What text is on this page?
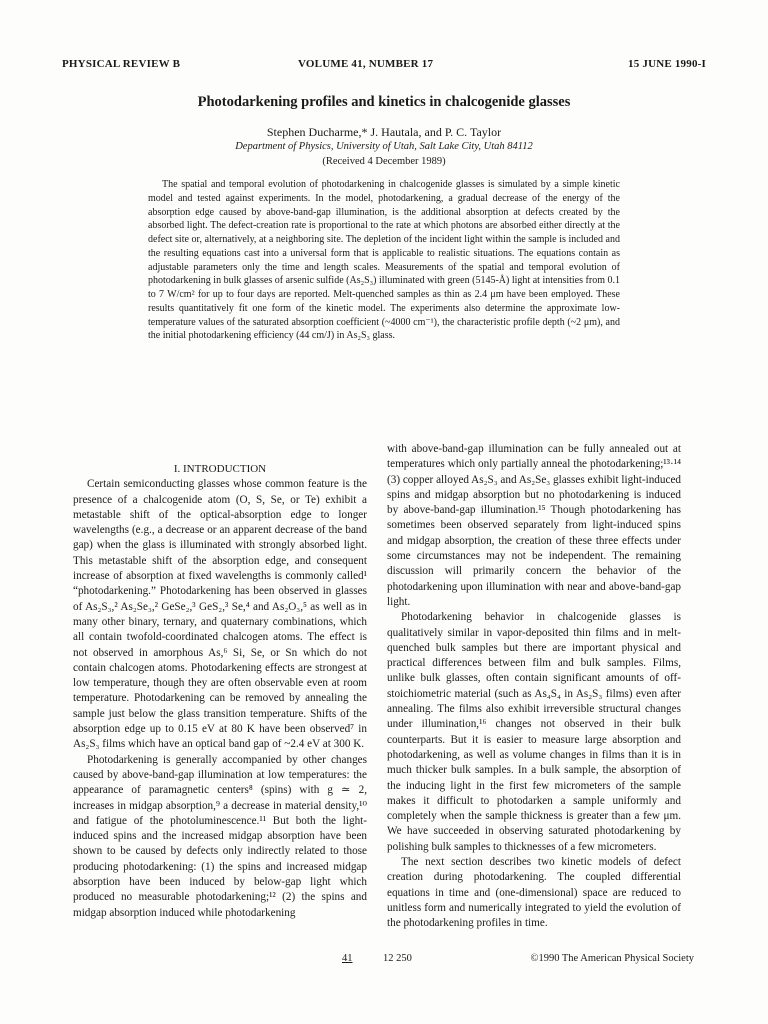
PHYSICAL REVIEW B	VOLUME 41, NUMBER 17	15 JUNE 1990-I
Photodarkening profiles and kinetics in chalcogenide glasses
Stephen Ducharme,* J. Hautala, and P. C. Taylor
Department of Physics, University of Utah, Salt Lake City, Utah 84112
(Received 4 December 1989)

The spatial and temporal evolution of photodarkening in chalcogenide glasses is simulated by a simple kinetic model and tested against experiments. In the model, photodarkening, a gradual decrease of the energy of the absorption edge caused by above-band-gap illumination, is the additional absorption at defects created by the absorbed light. The defect-creation rate is proportional to the rate at which photons are absorbed either directly at the defect site or, alternatively, at a neighboring site. The depletion of the incident light within the sample is included and the resulting equations cast into a universal form that is applicable to realistic situations. The equations contain as adjustable parameters only the time and length scales. Measurements of the spatial and temporal evolution of photodarkening in bulk glasses of arsenic sulfide (As₂S₃) illuminated with green (5145-Å) light at intensities from 0.1 to 7 W/cm² for up to four days are reported. Melt-quenched samples as thin as 2.4 μm have been employed. These results quantitatively fit one form of the kinetic model. The experiments also determine the approximate low-temperature values of the saturated absorption coefficient (~4000 cm⁻¹), the characteristic profile depth (~2 μm), and the initial photodarkening efficiency (44 cm/J) in As₂S₃ glass.

I. INTRODUCTION

Certain semiconducting glasses whose common feature is the presence of a chalcogenide atom (O, S, Se, or Te) exhibit a metastable shift of the optical-absorption edge to longer wavelengths (e.g., a decrease or an apparent decrease of the band gap) when the glass is illuminated with strongly absorbed light. This metastable shift of the absorption edge, and consequent increase of absorption at fixed wavelengths is commonly called¹ “photodarkening.” Photodarkening has been observed in glasses of As₂S₃,² As₂Se₃,² GeSe₂,³ GeS₂,³ Se,⁴ and As₂O₃,⁵ as well as in many other binary, ternary, and quaternary combinations, which all contain twofold-coordinated chalcogen atoms. The effect is not observed in amorphous As,⁶ Si, Se, or Sn which do not contain chalcogen atoms. Photodarkening effects are strongest at low temperature, though they are often observable even at room temperature. Photodarkening can be removed by annealing the sample just below the glass transition temperature. Shifts of the absorption edge up to 0.15 eV at 80 K have been observed⁷ in As₂S₃ films which have an optical band gap of ~2.4 eV at 300 K.

Photodarkening is generally accompanied by other changes caused by above-band-gap illumination at low temperatures: the appearance of paramagnetic centers⁸ (spins) with g ≃ 2, increases in midgap absorption,⁹ a decrease in material density,¹⁰ and fatigue of the photoluminescence.¹¹ But both the light-induced spins and the increased midgap absorption have been shown to be caused by defects only indirectly related to those producing photodarkening: (1) the spins and increased midgap absorption have been induced by below-gap light which produced no measurable photodarkening;¹² (2) the spins and midgap absorption induced while photodarkening

with above-band-gap illumination can be fully annealed out at temperatures which only partially anneal the photodarkening;¹³·¹⁴ (3) copper alloyed As₂S₃ and As₂Se₃ glasses exhibit light-induced spins and midgap absorption but no photodarkening is induced by above-band-gap illumination.¹⁵ Though photodarkening has sometimes been observed separately from light-induced spins and midgap absorption, the creation of these three effects under some circumstances may not be independent. The remaining discussion will primarily concern the behavior of the photodarkening upon illumination with near and above-band-gap light.

Photodarkening behavior in chalcogenide glasses is qualitatively similar in vapor-deposited thin films and in melt-quenched bulk samples but there are important physical and practical differences between film and bulk samples. Films, unlike bulk glasses, often contain significant amounts of off-stoichiometric material (such as As₄S₄ in As₂S₃ films) even after annealing. The films also exhibit irreversible structural changes under illumination,¹⁶ changes not observed in their bulk counterparts. But it is easier to measure large absorption and photodarkening, as well as volume changes in films than it is in much thicker bulk samples. In a bulk sample, the absorption of the inducing light in the first few micrometers of the sample makes it difficult to photodarken a sample uniformly and completely when the sample thickness is greater than a few μm. We have succeeded in observing saturated photodarkening by polishing bulk samples to thicknesses of a few micrometers.

The next section describes two kinetic models of defect creation during photodarkening. The coupled differential equations in time and (one-dimensional) space are reduced to unitless form and numerically integrated to yield the evolution of the photodarkening profiles in time.

41	12 250	©1990 The American Physical Society
